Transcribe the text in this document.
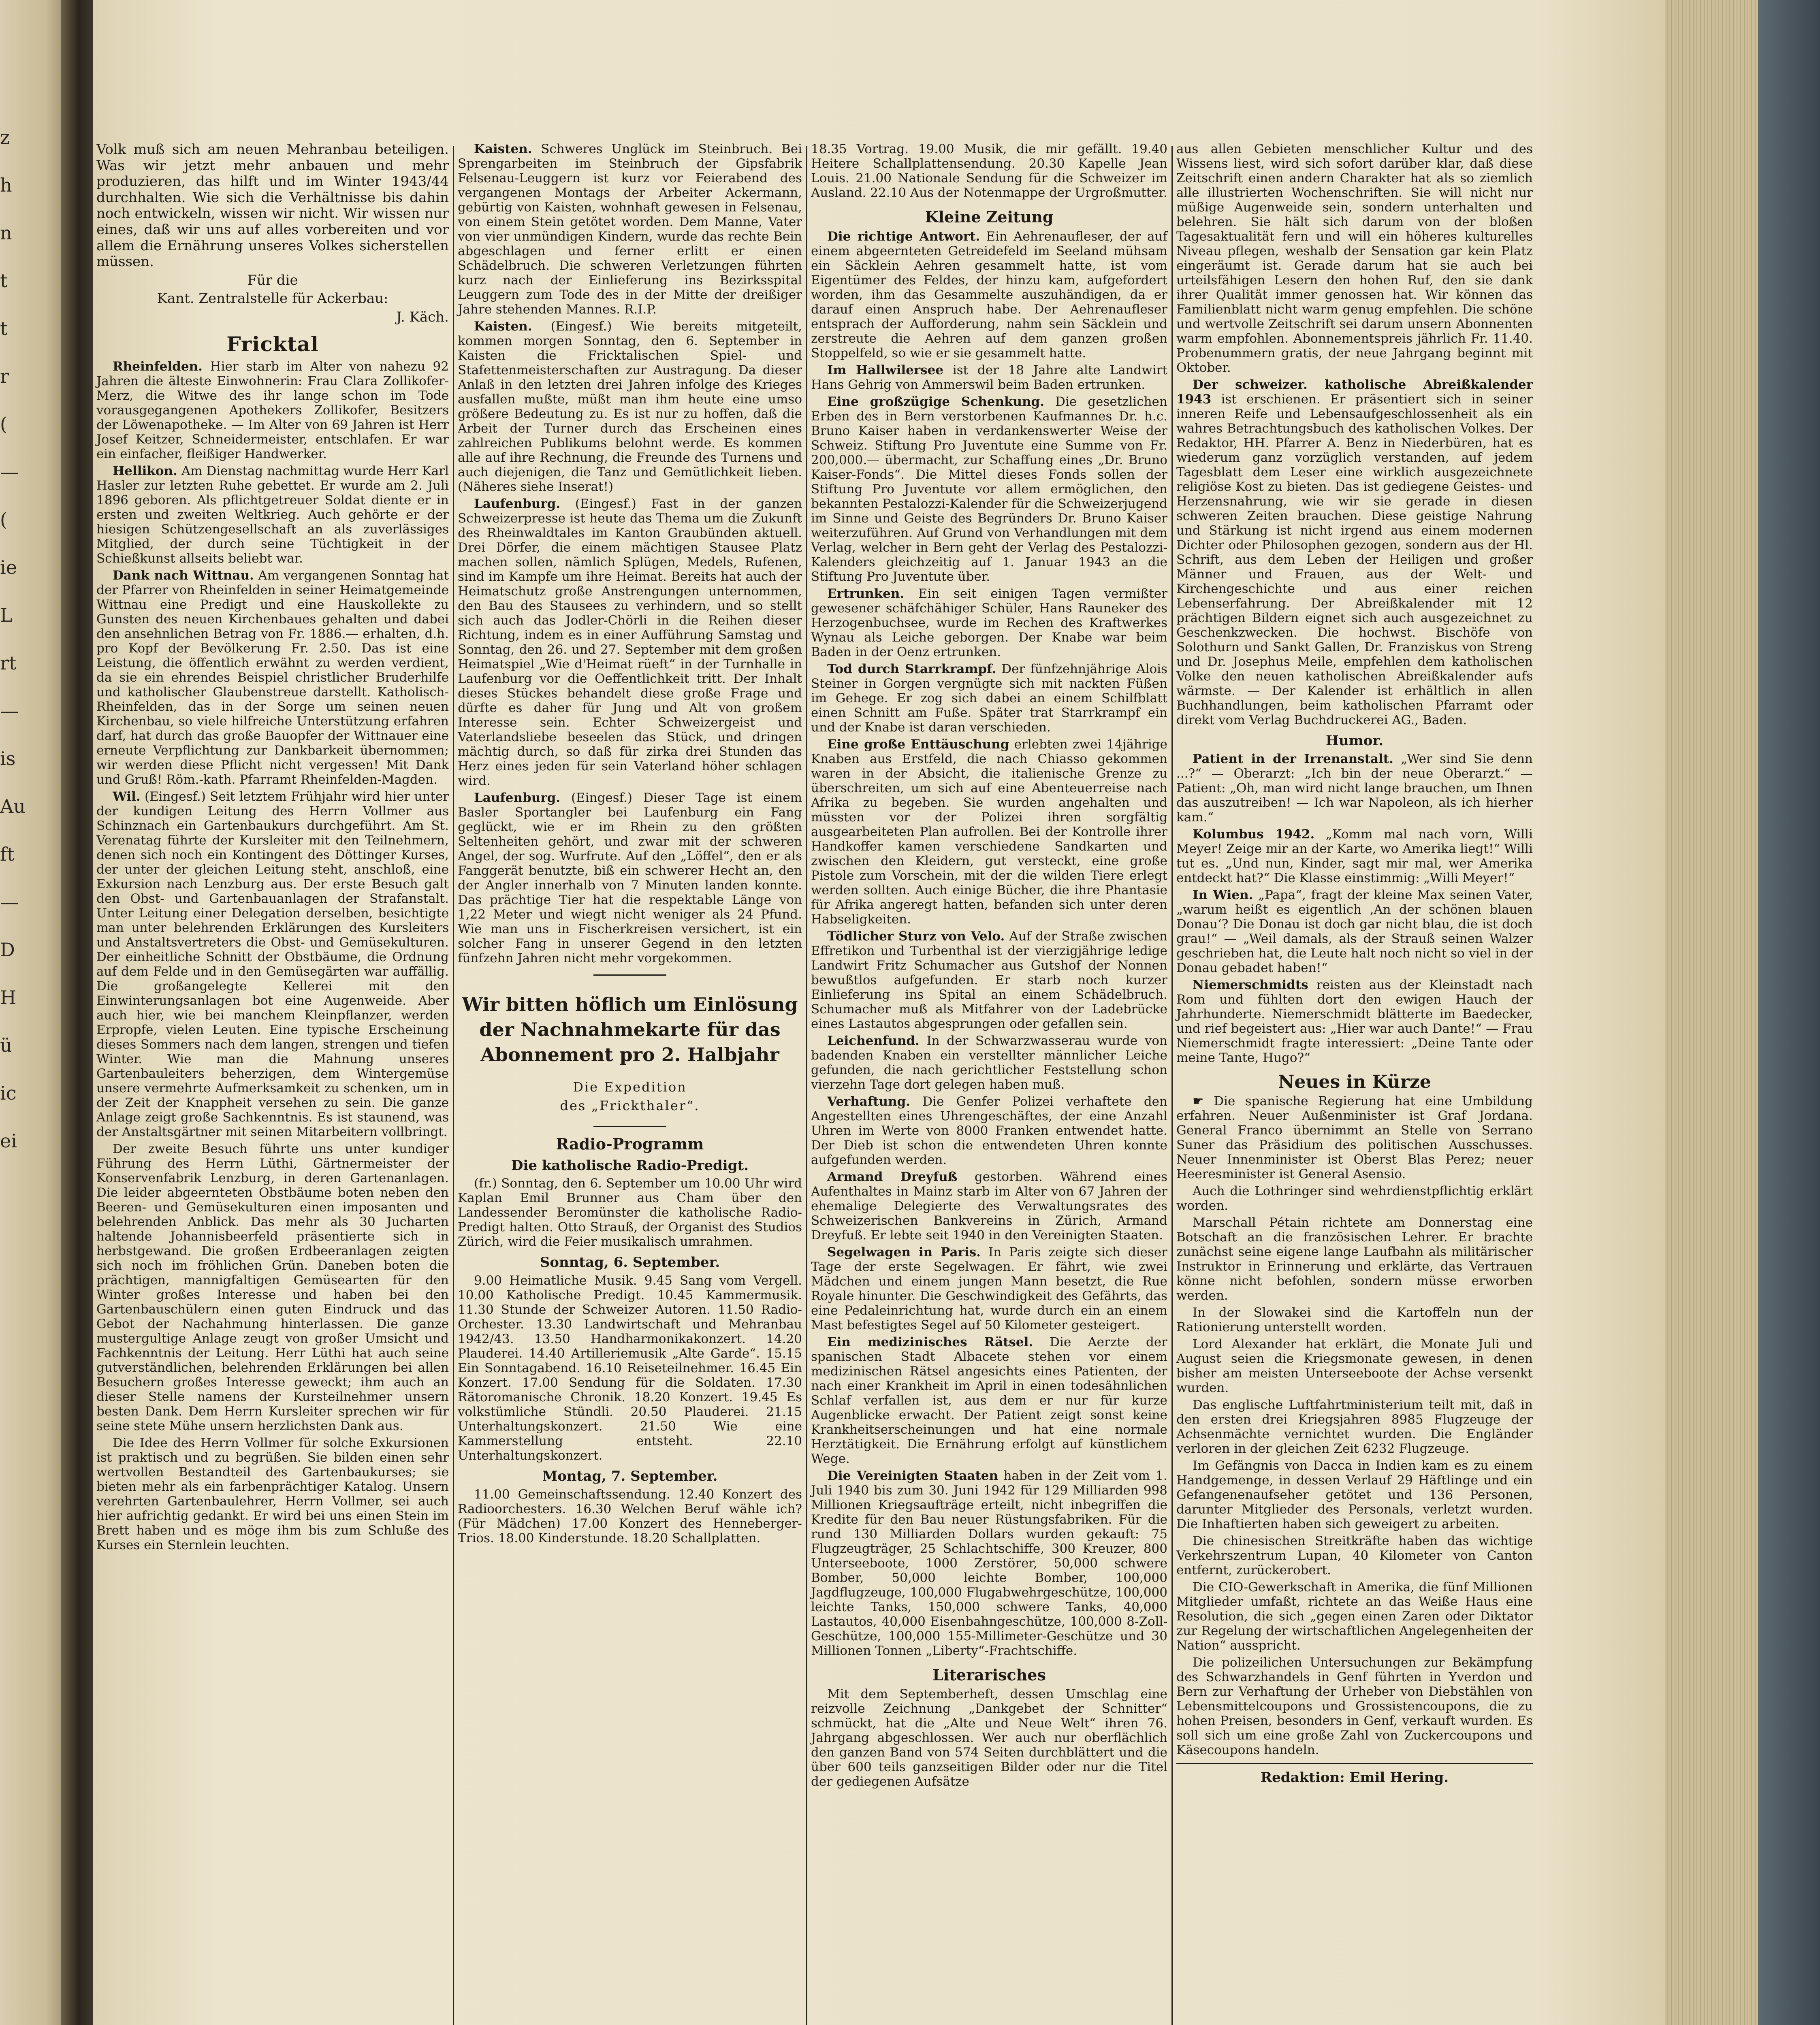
z
h
n
t
t
r
(
—
(
ie
L
rt
—
is
Au
ft
—
D
H
ü
ic
ei

Volk muß sich am neuen Mehranbau beteiligen. Was wir jetzt mehr anbauen und mehr produzieren, das hilft und im Winter 1943/44 durchhalten. Wie sich die Verhältnisse bis dahin noch entwickeln, wissen wir nicht. Wir wissen nur eines, daß wir uns auf alles vorbereiten und vor allem die Ernährung unseres Volkes sicherstellen müssen.

Für die

Kant. Zentralstelle für Ackerbau:

J. Käch.

Fricktal

Rheinfelden. Hier starb im Alter von nahezu 92 Jahren die älteste Einwohnerin: Frau Clara Zollikofer-Merz, die Witwe des ihr lange schon im Tode vorausgegangenen Apothekers Zollikofer, Besitzers der Löwenapotheke. — Im Alter von 69 Jahren ist Herr Josef Keitzer, Schneidermeister, entschlafen. Er war ein einfacher, fleißiger Handwerker.

Hellikon. Am Dienstag nachmittag wurde Herr Karl Hasler zur letzten Ruhe gebettet. Er wurde am 2. Juli 1896 geboren. Als pflichtgetreuer Soldat diente er in ersten und zweiten Weltkrieg. Auch gehörte er der hiesigen Schützengesellschaft an als zuverlässiges Mitglied, der durch seine Tüchtigkeit in der Schießkunst allseits beliebt war.

Dank nach Wittnau. Am vergangenen Sonntag hat der Pfarrer von Rheinfelden in seiner Heimatgemeinde Wittnau eine Predigt und eine Hauskollekte zu Gunsten des neuen Kirchenbaues gehalten und dabei den ansehnlichen Betrag von Fr. 1886.— erhalten, d.h. pro Kopf der Bevölkerung Fr. 2.50. Das ist eine Leistung, die öffentlich erwähnt zu werden verdient, da sie ein ehrendes Beispiel christlicher Bruderhilfe und katholischer Glaubenstreue darstellt. Katholisch-Rheinfelden, das in der Sorge um seinen neuen Kirchenbau, so viele hilfreiche Unterstützung erfahren darf, hat durch das große Bauopfer der Wittnauer eine erneute Verpflichtung zur Dankbarkeit übernommen; wir werden diese Pflicht nicht vergessen! Mit Dank und Gruß! Röm.-kath. Pfarramt Rheinfelden-Magden.

Wil. (Eingesf.) Seit letztem Frühjahr wird hier unter der kundigen Leitung des Herrn Vollmer aus Schinznach ein Gartenbaukurs durchgeführt. Am St. Verenatag führte der Kursleiter mit den Teilnehmern, denen sich noch ein Kontingent des Döttinger Kurses, der unter der gleichen Leitung steht, anschloß, eine Exkursion nach Lenzburg aus. Der erste Besuch galt den Obst- und Gartenbauanlagen der Strafanstalt. Unter Leitung einer Delegation derselben, besichtigte man unter belehrenden Erklärungen des Kursleiters und Anstaltsvertreters die Obst- und Gemüsekulturen. Der einheitliche Schnitt der Obstbäume, die Ordnung auf dem Felde und in den Gemüsegärten war auffällig. Die großangelegte Kellerei mit den Einwinterungsanlagen bot eine Augenweide. Aber auch hier, wie bei manchem Kleinpflanzer, werden Erpropfe, vielen Leuten. Eine typische Erscheinung dieses Sommers nach dem langen, strengen und tiefen Winter. Wie man die Mahnung unseres Gartenbauleiters beherzigen, dem Wintergemüse unsere vermehrte Aufmerksamkeit zu schenken, um in der Zeit der Knappheit versehen zu sein. Die ganze Anlage zeigt große Sachkenntnis. Es ist staunend, was der Anstaltsgärtner mit seinen Mitarbeitern vollbringt.

Der zweite Besuch führte uns unter kundiger Führung des Herrn Lüthi, Gärtnermeister der Konservenfabrik Lenzburg, in deren Gartenanlagen. Die leider abgeernteten Obstbäume boten neben den Beeren- und Gemüsekulturen einen imposanten und belehrenden Anblick. Das mehr als 30 Jucharten haltende Johannisbeerfeld präsentierte sich in herbstgewand. Die großen Erdbeeranlagen zeigten sich noch im fröhlichen Grün. Daneben boten die prächtigen, mannigfaltigen Gemüsearten für den Winter großes Interesse und haben bei den Gartenbauschülern einen guten Eindruck und das Gebot der Nachahmung hinterlassen. Die ganze mustergultige Anlage zeugt von großer Umsicht und Fachkenntnis der Leitung. Herr Lüthi hat auch seine gutverständlichen, belehrenden Erklärungen bei allen Besuchern großes Interesse geweckt; ihm auch an dieser Stelle namens der Kursteilnehmer unsern besten Dank. Dem Herrn Kursleiter sprechen wir für seine stete Mühe unsern herzlichsten Dank aus.

Die Idee des Herrn Vollmer für solche Exkursionen ist praktisch und zu begrüßen. Sie bilden einen sehr wertvollen Bestandteil des Gartenbaukurses; sie bieten mehr als ein farbenprächtiger Katalog. Unsern verehrten Gartenbaulehrer, Herrn Vollmer, sei auch hier aufrichtig gedankt. Er wird bei uns einen Stein im Brett haben und es möge ihm bis zum Schluße des Kurses ein Sternlein leuchten.

Kaisten. Schweres Unglück im Steinbruch. Bei Sprengarbeiten im Steinbruch der Gipsfabrik Felsenau-Leuggern ist kurz vor Feierabend des vergangenen Montags der Arbeiter Ackermann, gebürtig von Kaisten, wohnhaft gewesen in Felsenau, von einem Stein getötet worden. Dem Manne, Vater von vier unmündigen Kindern, wurde das rechte Bein abgeschlagen und ferner erlitt er einen Schädelbruch. Die schweren Verletzungen führten kurz nach der Einlieferung ins Bezirksspital Leuggern zum Tode des in der Mitte der dreißiger Jahre stehenden Mannes. R.I.P.

Kaisten. (Eingesf.) Wie bereits mitgeteilt, kommen morgen Sonntag, den 6. September in Kaisten die Fricktalischen Spiel- und Stafettenmeisterschaften zur Austragung. Da dieser Anlaß in den letzten drei Jahren infolge des Krieges ausfallen mußte, müßt man ihm heute eine umso größere Bedeutung zu. Es ist nur zu hoffen, daß die Arbeit der Turner durch das Erscheinen eines zahlreichen Publikums belohnt werde. Es kommen alle auf ihre Rechnung, die Freunde des Turnens und auch diejenigen, die Tanz und Gemütlichkeit lieben. (Näheres siehe Inserat!)

Laufenburg. (Eingesf.) Fast in der ganzen Schweizerpresse ist heute das Thema um die Zukunft des Rheinwaldtales im Kanton Graubünden aktuell. Drei Dörfer, die einem mächtigen Stausee Platz machen sollen, nämlich Splügen, Medels, Rufenen, sind im Kampfe um ihre Heimat. Bereits hat auch der Heimatschutz große Anstrengungen unternommen, den Bau des Stausees zu verhindern, und so stellt sich auch das Jodler-Chörli in die Reihen dieser Richtung, indem es in einer Aufführung Samstag und Sonntag, den 26. und 27. September mit dem großen Heimatspiel „Wie d'Heimat rüeft“ in der Turnhalle in Laufenburg vor die Oeffentlichkeit tritt. Der Inhalt dieses Stückes behandelt diese große Frage und dürfte es daher für Jung und Alt von großem Interesse sein. Echter Schweizergeist und Vaterlandsliebe beseelen das Stück, und dringen mächtig durch, so daß für zirka drei Stunden das Herz eines jeden für sein Vaterland höher schlagen wird.

Laufenburg. (Eingesf.) Dieser Tage ist einem Basler Sportangler bei Laufenburg ein Fang geglückt, wie er im Rhein zu den größten Seltenheiten gehört, und zwar mit der schweren Angel, der sog. Wurfrute. Auf den „Löffel“, den er als Fanggerät benutzte, biß ein schwerer Hecht an, den der Angler innerhalb von 7 Minuten landen konnte. Das prächtige Tier hat die respektable Länge von 1,22 Meter und wiegt nicht weniger als 24 Pfund. Wie man uns in Fischerkreisen versichert, ist ein solcher Fang in unserer Gegend in den letzten fünfzehn Jahren nicht mehr vorgekommen.

Wir bitten höflich um Einlösung der Nachnahmekarte für das Abonnement pro 2. Halbjahr

Die Expedition

des „Frickthaler“.

Radio-Programm
Die katholische Radio-Predigt.

(fr.) Sonntag, den 6. September um 10.00 Uhr wird Kaplan Emil Brunner aus Cham über den Landessender Beromünster die katholische Radio-Predigt halten. Otto Strauß, der Organist des Studios Zürich, wird die Feier musikalisch umrahmen.

Sonntag, 6. September.

9.00 Heimatliche Musik. 9.45 Sang vom Vergell. 10.00 Katholische Predigt. 10.45 Kammermusik. 11.30 Stunde der Schweizer Autoren. 11.50 Radio-Orchester. 13.30 Landwirtschaft und Mehranbau 1942/43. 13.50 Handharmonikakonzert. 14.20 Plauderei. 14.40 Artilleriemusik „Alte Garde“. 15.15 Ein Sonntagabend. 16.10 Reiseteilnehmer. 16.45 Ein Konzert. 17.00 Sendung für die Soldaten. 17.30 Rätoromanische Chronik. 18.20 Konzert. 19.45 Es volkstümliche Stündli. 20.50 Plauderei. 21.15 Unterhaltungskonzert. 21.50 Wie eine Kammerstellung entsteht. 22.10 Unterhaltungskonzert.

Montag, 7. September.

11.00 Gemeinschaftssendung. 12.40 Konzert des Radioorchesters. 16.30 Welchen Beruf wähle ich? (Für Mädchen) 17.00 Konzert des Henneberger-Trios. 18.00 Kinderstunde. 18.20 Schallplatten.

18.35 Vortrag. 19.00 Musik, die mir gefällt. 19.40 Heitere Schallplattensendung. 20.30 Kapelle Jean Louis. 21.00 Nationale Sendung für die Schweizer im Ausland. 22.10 Aus der Notenmappe der Urgroßmutter.

Kleine Zeitung

Die richtige Antwort. Ein Aehrenaufleser, der auf einem abgeernteten Getreidefeld im Seeland mühsam ein Säcklein Aehren gesammelt hatte, ist vom Eigentümer des Feldes, der hinzu kam, aufgefordert worden, ihm das Gesammelte auszuhändigen, da er darauf einen Anspruch habe. Der Aehrenaufleser entsprach der Aufforderung, nahm sein Säcklein und zerstreute die Aehren auf dem ganzen großen Stoppelfeld, so wie er sie gesammelt hatte.

Im Hallwilersee ist der 18 Jahre alte Landwirt Hans Gehrig von Ammerswil beim Baden ertrunken.

Eine großzügige Schenkung. Die gesetzlichen Erben des in Bern verstorbenen Kaufmannes Dr. h.c. Bruno Kaiser haben in verdankenswerter Weise der Schweiz. Stiftung Pro Juventute eine Summe von Fr. 200,000.— übermacht, zur Schaffung eines „Dr. Bruno Kaiser-Fonds“. Die Mittel dieses Fonds sollen der Stiftung Pro Juventute vor allem ermöglichen, den bekannten Pestalozzi-Kalender für die Schweizerjugend im Sinne und Geiste des Begründers Dr. Bruno Kaiser weiterzuführen. Auf Grund von Verhandlungen mit dem Verlag, welcher in Bern geht der Verlag des Pestalozzi-Kalenders gleichzeitig auf 1. Januar 1943 an die Stiftung Pro Juventute über.

Ertrunken. Ein seit einigen Tagen vermißter gewesener schäfchähiger Schüler, Hans Rauneker des Herzogenbuchsee, wurde im Rechen des Kraftwerkes Wynau als Leiche geborgen. Der Knabe war beim Baden in der Oenz ertrunken.

Tod durch Starrkrampf. Der fünfzehnjährige Alois Steiner in Gorgen vergnügte sich mit nackten Füßen im Gehege. Er zog sich dabei an einem Schilfblatt einen Schnitt am Fuße. Später trat Starrkrampf ein und der Knabe ist daran verschieden.

Eine große Enttäuschung erlebten zwei 14jährige Knaben aus Erstfeld, die nach Chiasso gekommen waren in der Absicht, die italienische Grenze zu überschreiten, um sich auf eine Abenteuerreise nach Afrika zu begeben. Sie wurden angehalten und müssten vor der Polizei ihren sorgfältig ausgearbeiteten Plan aufrollen. Bei der Kontrolle ihrer Handkoffer kamen verschiedene Sandkarten und zwischen den Kleidern, gut versteckt, eine große Pistole zum Vorschein, mit der die wilden Tiere erlegt werden sollten. Auch einige Bücher, die ihre Phantasie für Afrika angeregt hatten, befanden sich unter deren Habseligkeiten.

Tödlicher Sturz von Velo. Auf der Straße zwischen Effretikon und Turbenthal ist der vierzigjährige ledige Landwirt Fritz Schumacher aus Gutshof der Nonnen bewußtlos aufgefunden. Er starb noch kurzer Einlieferung ins Spital an einem Schädelbruch. Schumacher muß als Mitfahrer von der Ladebrücke eines Lastautos abgesprungen oder gefallen sein.

Leichenfund. In der Schwarzwasserau wurde von badenden Knaben ein verstellter männlicher Leiche gefunden, die nach gerichtlicher Feststellung schon vierzehn Tage dort gelegen haben muß.

Verhaftung. Die Genfer Polizei verhaftete den Angestellten eines Uhrengeschäftes, der eine Anzahl Uhren im Werte von 8000 Franken entwendet hatte. Der Dieb ist schon die entwendeten Uhren konnte aufgefunden werden.

Armand Dreyfuß gestorben. Während eines Aufenthaltes in Mainz starb im Alter von 67 Jahren der ehemalige Delegierte des Verwaltungsrates des Schweizerischen Bankvereins in Zürich, Armand Dreyfuß. Er lebte seit 1940 in den Vereinigten Staaten.

Segelwagen in Paris. In Paris zeigte sich dieser Tage der erste Segelwagen. Er fährt, wie zwei Mädchen und einem jungen Mann besetzt, die Rue Royale hinunter. Die Geschwindigkeit des Gefährts, das eine Pedaleinrichtung hat, wurde durch ein an einem Mast befestigtes Segel auf 50 Kilometer gesteigert.

Ein medizinisches Rätsel. Die Aerzte der spanischen Stadt Albacete stehen vor einem medizinischen Rätsel angesichts eines Patienten, der nach einer Krankheit im April in einen todesähnlichen Schlaf verfallen ist, aus dem er nur für kurze Augenblicke erwacht. Der Patient zeigt sonst keine Krankheitserscheinungen und hat eine normale Herztätigkeit. Die Ernährung erfolgt auf künstlichem Wege.

Die Vereinigten Staaten haben in der Zeit vom 1. Juli 1940 bis zum 30. Juni 1942 für 129 Milliarden 998 Millionen Kriegsaufträge erteilt, nicht inbegriffen die Kredite für den Bau neuer Rüstungsfabriken. Für die rund 130 Milliarden Dollars wurden gekauft: 75 Flugzeugträger, 25 Schlachtschiffe, 300 Kreuzer, 800 Unterseeboote, 1000 Zerstörer, 50,000 schwere Bomber, 50,000 leichte Bomber, 100,000 Jagdflugzeuge, 100,000 Flugabwehrgeschütze, 100,000 leichte Tanks, 150,000 schwere Tanks, 40,000 Lastautos, 40,000 Eisenbahngeschütze, 100,000 8-Zoll-Geschütze, 100,000 155-Millimeter-Geschütze und 30 Millionen Tonnen „Liberty“-Frachtschiffe.

Literarisches

Mit dem Septemberheft, dessen Umschlag eine reizvolle Zeichnung „Dankgebet der Schnitter“ schmückt, hat die „Alte und Neue Welt“ ihren 76. Jahrgang abgeschlossen. Wer auch nur oberflächlich den ganzen Band von 574 Seiten durchblättert und die über 600 teils ganzseitigen Bilder oder nur die Titel der gediegenen Aufsätze

aus allen Gebieten menschlicher Kultur und des Wissens liest, wird sich sofort darüber klar, daß diese Zeitschrift einen andern Charakter hat als so ziemlich alle illustrierten Wochenschriften. Sie will nicht nur müßige Augenweide sein, sondern unterhalten und belehren. Sie hält sich darum von der bloßen Tagesaktualität fern und will ein höheres kulturelles Niveau pflegen, weshalb der Sensation gar kein Platz eingeräumt ist. Gerade darum hat sie auch bei urteilsfähigen Lesern den hohen Ruf, den sie dank ihrer Qualität immer genossen hat. Wir können das Familienblatt nicht warm genug empfehlen. Die schöne und wertvolle Zeitschrift sei darum unsern Abonnenten warm empfohlen. Abonnementspreis jährlich Fr. 11.40. Probenummern gratis, der neue Jahrgang beginnt mit Oktober.

Der schweizer. katholische Abreißkalender 1943 ist erschienen. Er präsentiert sich in seiner inneren Reife und Lebensaufgeschlossenheit als ein wahres Betrachtungsbuch des katholischen Volkes. Der Redaktor, HH. Pfarrer A. Benz in Niederbüren, hat es wiederum ganz vorzüglich verstanden, auf jedem Tagesblatt dem Leser eine wirklich ausgezeichnete religiöse Kost zu bieten. Das ist gediegene Geistes- und Herzensnahrung, wie wir sie gerade in diesen schweren Zeiten brauchen. Diese geistige Nahrung und Stärkung ist nicht irgend aus einem modernen Dichter oder Philosophen gezogen, sondern aus der Hl. Schrift, aus dem Leben der Heiligen und großer Männer und Frauen, aus der Welt- und Kirchengeschichte und aus einer reichen Lebenserfahrung. Der Abreißkalender mit 12 prächtigen Bildern eignet sich auch ausgezeichnet zu Geschenkzwecken. Die hochwst. Bischöfe von Solothurn und Sankt Gallen, Dr. Franziskus von Streng und Dr. Josephus Meile, empfehlen dem katholischen Volke den neuen katholischen Abreißkalender aufs wärmste. — Der Kalender ist erhältlich in allen Buchhandlungen, beim katholischen Pfarramt oder direkt vom Verlag Buchdruckerei AG., Baden.

Humor.

Patient in der Irrenanstalt. „Wer sind Sie denn ...?“ — Oberarzt: „Ich bin der neue Oberarzt.“ — Patient: „Oh, man wird nicht lange brauchen, um Ihnen das auszutreiben! — Ich war Napoleon, als ich hierher kam.“

Kolumbus 1942. „Komm mal nach vorn, Willi Meyer! Zeige mir an der Karte, wo Amerika liegt!“ Willi tut es. „Und nun, Kinder, sagt mir mal, wer Amerika entdeckt hat?“ Die Klasse einstimmig: „Willi Meyer!“

In Wien. „Papa“, fragt der kleine Max seinen Vater, „warum heißt es eigentlich ‚An der schönen blauen Donau‘? Die Donau ist doch gar nicht blau, die ist doch grau!“ — „Weil damals, als der Strauß seinen Walzer geschrieben hat, die Leute halt noch nicht so viel in der Donau gebadet haben!“

Niemerschmidts reisten aus der Kleinstadt nach Rom und fühlten dort den ewigen Hauch der Jahrhunderte. Niemerschmidt blätterte im Baedecker, und rief begeistert aus: „Hier war auch Dante!“ — Frau Niemerschmidt fragte interessiert: „Deine Tante oder meine Tante, Hugo?“

Neues in Kürze

☛ Die spanische Regierung hat eine Umbildung erfahren. Neuer Außenminister ist Graf Jordana. General Franco übernimmt an Stelle von Serrano Suner das Präsidium des politischen Ausschusses. Neuer Innenminister ist Oberst Blas Perez; neuer Heeresminister ist General Asensio.

Auch die Lothringer sind wehrdienstpflichtig erklärt worden.

Marschall Pétain richtete am Donnerstag eine Botschaft an die französischen Lehrer. Er brachte zunächst seine eigene lange Laufbahn als militärischer Instruktor in Erinnerung und erklärte, das Vertrauen könne nicht befohlen, sondern müsse erworben werden.

In der Slowakei sind die Kartoffeln nun der Rationierung unterstellt worden.

Lord Alexander hat erklärt, die Monate Juli und August seien die Kriegsmonate gewesen, in denen bisher am meisten Unterseeboote der Achse versenkt wurden.

Das englische Luftfahrtministerium teilt mit, daß in den ersten drei Kriegsjahren 8985 Flugzeuge der Achsenmächte vernichtet wurden. Die Engländer verloren in der gleichen Zeit 6232 Flugzeuge.

Im Gefängnis von Dacca in Indien kam es zu einem Handgemenge, in dessen Verlauf 29 Häftlinge und ein Gefangenenaufseher getötet und 136 Personen, darunter Mitglieder des Personals, verletzt wurden. Die Inhaftierten haben sich geweigert zu arbeiten.

Die chinesischen Streitkräfte haben das wichtige Verkehrszentrum Lupan, 40 Kilometer von Canton entfernt, zurückerobert.

Die CIO-Gewerkschaft in Amerika, die fünf Millionen Mitglieder umfaßt, richtete an das Weiße Haus eine Resolution, die sich „gegen einen Zaren oder Diktator zur Regelung der wirtschaftlichen Angelegenheiten der Nation“ ausspricht.

Die polizeilichen Untersuchungen zur Bekämpfung des Schwarzhandels in Genf führten in Yverdon und Bern zur Verhaftung der Urheber von Diebstählen von Lebensmittelcoupons und Grossistencoupons, die zu hohen Preisen, besonders in Genf, verkauft wurden. Es soll sich um eine große Zahl von Zuckercoupons und Käsecoupons handeln.

Redaktion: Emil Hering.
